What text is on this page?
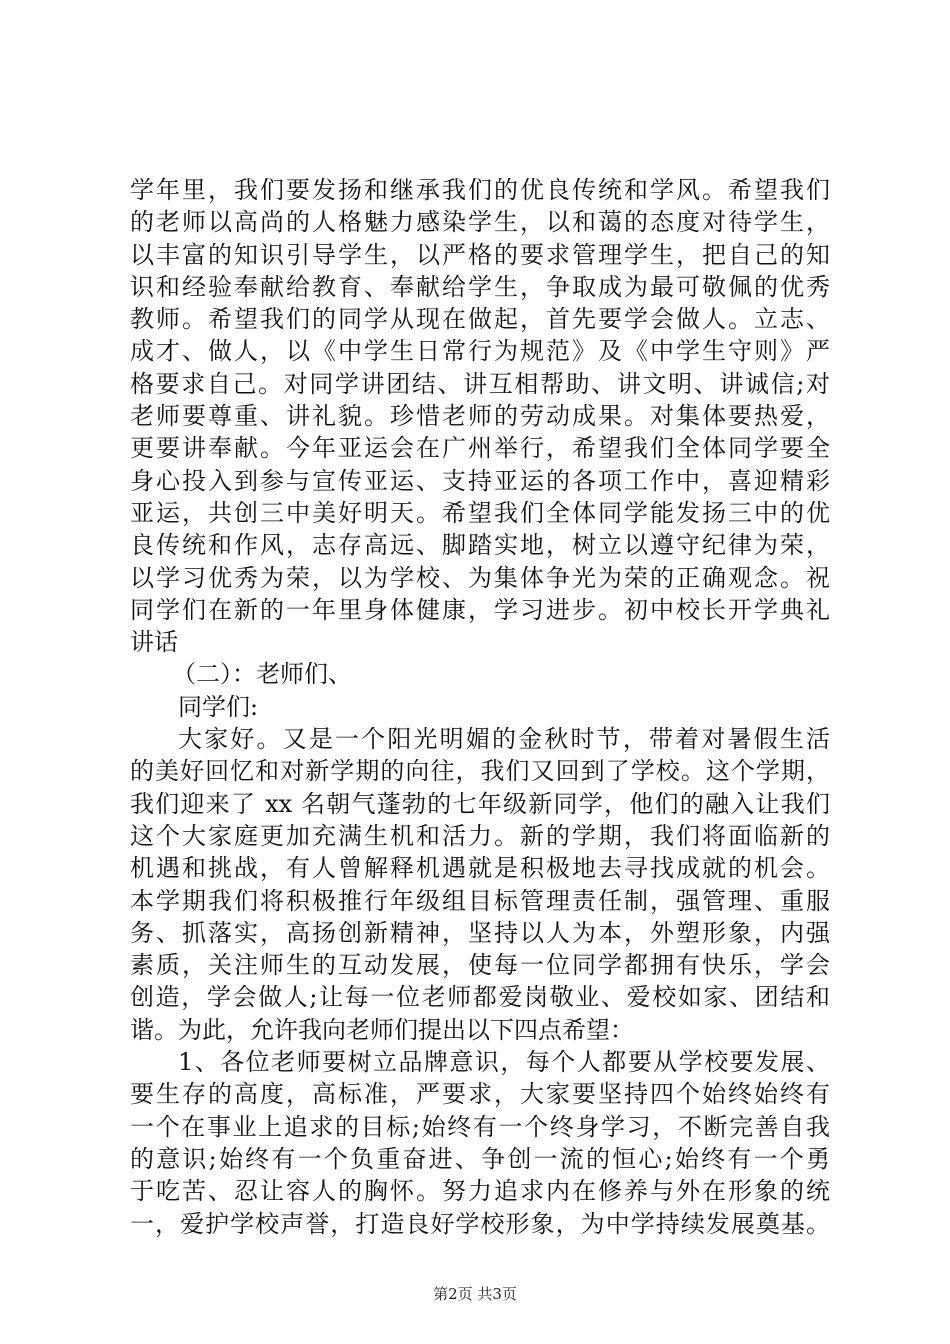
学年里，我们要发扬和继承我们的优良传统和学风。希望我们
的老师以高尚的人格魅力感染学生，以和蔼的态度对待学生，
以丰富的知识引导学生，以严格的要求管理学生，把自己的知
识和经验奉献给教育、奉献给学生，争取成为最可敬佩的优秀
教师。希望我们的同学从现在做起，首先要学会做人。立志、
成才、做人，以《中学生日常行为规范》及《中学生守则》严
格要求自己。对同学讲团结、讲互相帮助、讲文明、讲诚信;对
老师要尊重、讲礼貌。珍惜老师的劳动成果。对集体要热爱，
更要讲奉献。今年亚运会在广州举行，希望我们全体同学要全
身心投入到参与宣传亚运、支持亚运的各项工作中，喜迎精彩
亚运，共创三中美好明天。希望我们全体同学能发扬三中的优
良传统和作风，志存高远、脚踏实地，树立以遵守纪律为荣，
以学习优秀为荣，以为学校、为集体争光为荣的正确观念。祝
同学们在新的一年里身体健康，学习进步。初中校长开学典礼
讲话
（二）：老师们、
同学们:
大家好。又是一个阳光明媚的金秋时节，带着对暑假生活
的美好回忆和对新学期的向往，我们又回到了学校。这个学期，
我们迎来了 xx 名朝气蓬勃的七年级新同学，他们的融入让我们
这个大家庭更加充满生机和活力。新的学期，我们将面临新的
机遇和挑战，有人曾解释机遇就是积极地去寻找成就的机会。
本学期我们将积极推行年级组目标管理责任制，强管理、重服
务、抓落实，高扬创新精神，坚持以人为本，外塑形象，内强
素质，关注师生的互动发展，使每一位同学都拥有快乐，学会
创造，学会做人;让每一位老师都爱岗敬业、爱校如家、团结和
谐。为此，允许我向老师们提出以下四点希望：
1、各位老师要树立品牌意识，每个人都要从学校要发展、
要生存的高度，高标准，严要求，大家要坚持四个始终始终有
一个在事业上追求的目标;始终有一个终身学习，不断完善自我
的意识;始终有一个负重奋进、争创一流的恒心;始终有一个勇
于吃苦、忍让容人的胸怀。努力追求内在修养与外在形象的统
一，爱护学校声誉，打造良好学校形象，为中学持续发展奠基。
第2页 共3页
